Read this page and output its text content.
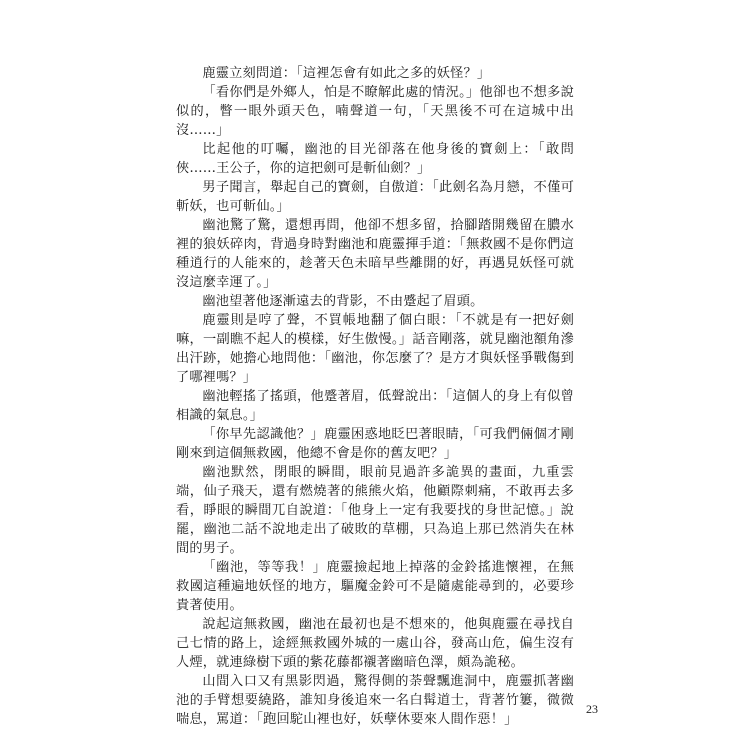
鹿靈立刻問道：「這裡怎會有如此之多的妖怪？」

「看你們是外鄉人，怕是不瞭解此處的情況。」他卻也不想多說似的，瞥一眼外頭天色，喃聲道一句，「天黑後不可在這城中出沒……」

比起他的叮囑，幽池的目光卻落在他身後的寶劍上：「敢問俠……王公子，你的這把劍可是斬仙劍？」

男子聞言，舉起自己的寶劍，自傲道：「此劍名為月戀，不僅可斬妖，也可斬仙。」

幽池驚了驚，還想再問，他卻不想多留，拾腳踏開幾留在膿水裡的狼妖碎肉，背過身時對幽池和鹿靈揮手道：「無救國不是你們這種逍行的人能來的，趁著天色未暗早些離開的好，再遇見妖怪可就沒這麼幸運了。」

幽池望著他逐漸遠去的背影，不由蹙起了眉頭。

鹿靈則是哼了聲，不買帳地翻了個白眼：「不就是有一把好劍嘛，一副瞧不起人的模樣，好生傲慢。」話音剛落，就見幽池額角滲出汗跡，她擔心地問他：「幽池，你怎麼了？是方才與妖怪爭戰傷到了哪裡嗎？」

幽池輕搖了搖頭，他蹙著眉，低聲說出：「這個人的身上有似曾相識的氣息。」

「你早先認識他？」鹿靈困惑地眨巴著眼睛，「可我們倆個才剛剛來到這個無救國，他總不會是你的舊友吧？」

幽池默然，閉眼的瞬間，眼前見過許多詭異的畫面，九重雲端，仙子飛天，還有燃燒著的熊熊火焰，他顧際刺痛，不敢再去多看，睜眼的瞬間兀自說道：「他身上一定有我要找的身世記憶。」說罷，幽池二話不說地走出了破敗的草棚，只為追上那已然消失在林間的男子。

「幽池，等等我！」鹿靈撿起地上掉落的金鈴搖進懷裡，在無救國這種遍地妖怪的地方，驅魔金鈴可不是隨處能尋到的，必要珍貴著使用。

說起這無救國，幽池在最初也是不想來的，他與鹿靈在尋找自己七情的路上，途經無救國外城的一處山谷，發高山危，偏生沒有人煙，就連綠樹下頭的紫花藤都襯著幽暗色澤，頗為詭秘。

山間入口又有黑影閃過，驚得側的荼聲飄進洞中，鹿靈抓著幽池的手臂想要繞路，誰知身後追來一名白髯道士，背著竹簍，微微喘息，罵道：「跑回駝山裡也好，妖孽休要來人間作惡！」

23
